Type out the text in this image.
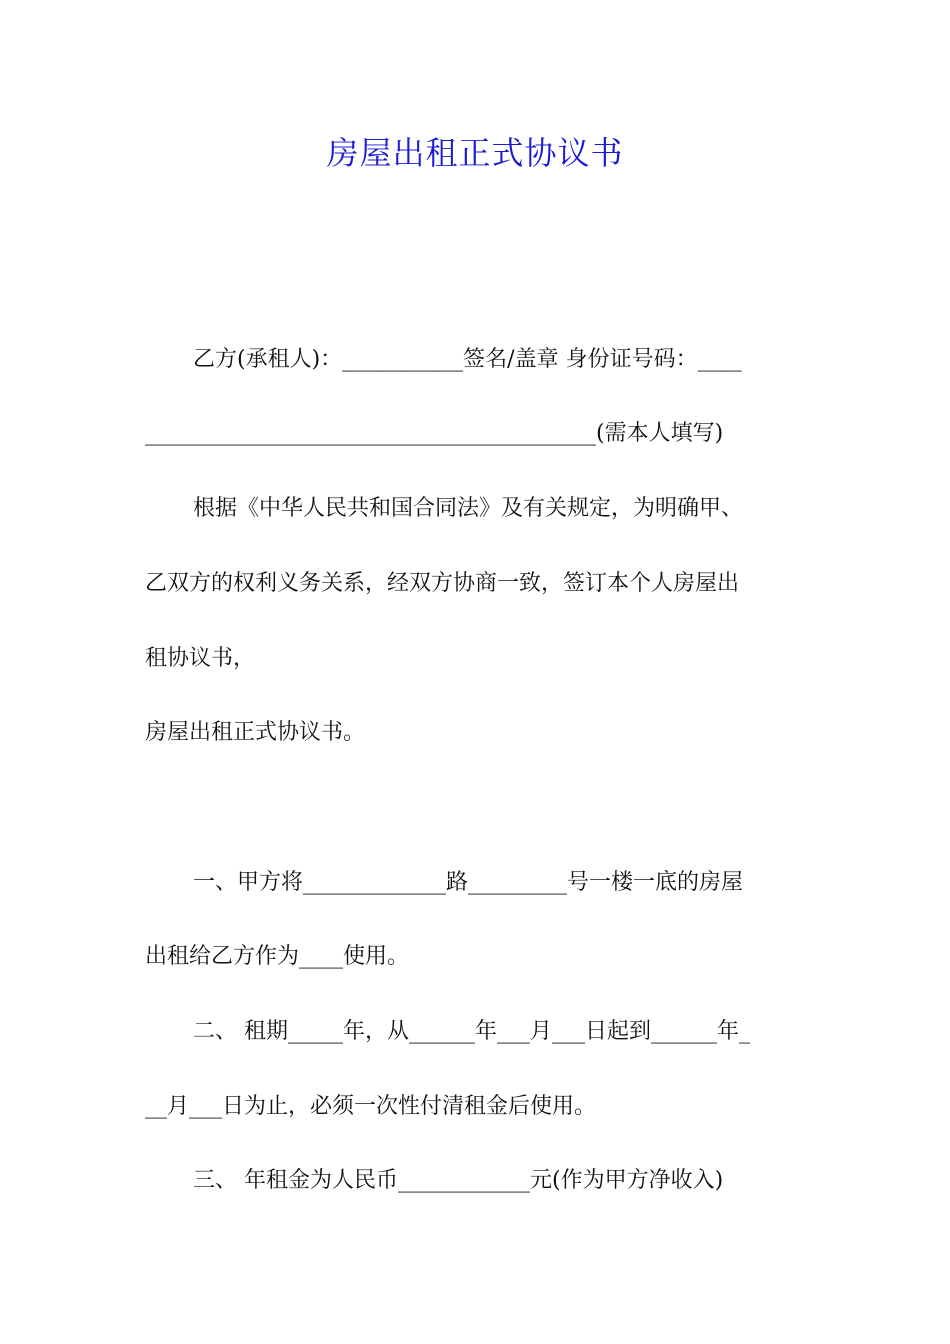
房屋出租正式协议书
乙方(承租人)：___________签名/盖章 身份证号码：____
_________________________________________(需本人填写)
根据《中华人民共和国合同法》及有关规定，为明确甲、
乙双方的权利义务关系，经双方协商一致，签订本个人房屋出
租协议书，
房屋出租正式协议书。
一、甲方将_____________路_________号一楼一底的房屋
出租给乙方作为____使用。
二、 租期_____年，从______年___月___日起到______年_
__月___日为止，必须一次性付清租金后使用。
三、 年租金为人民币____________元(作为甲方净收入)
